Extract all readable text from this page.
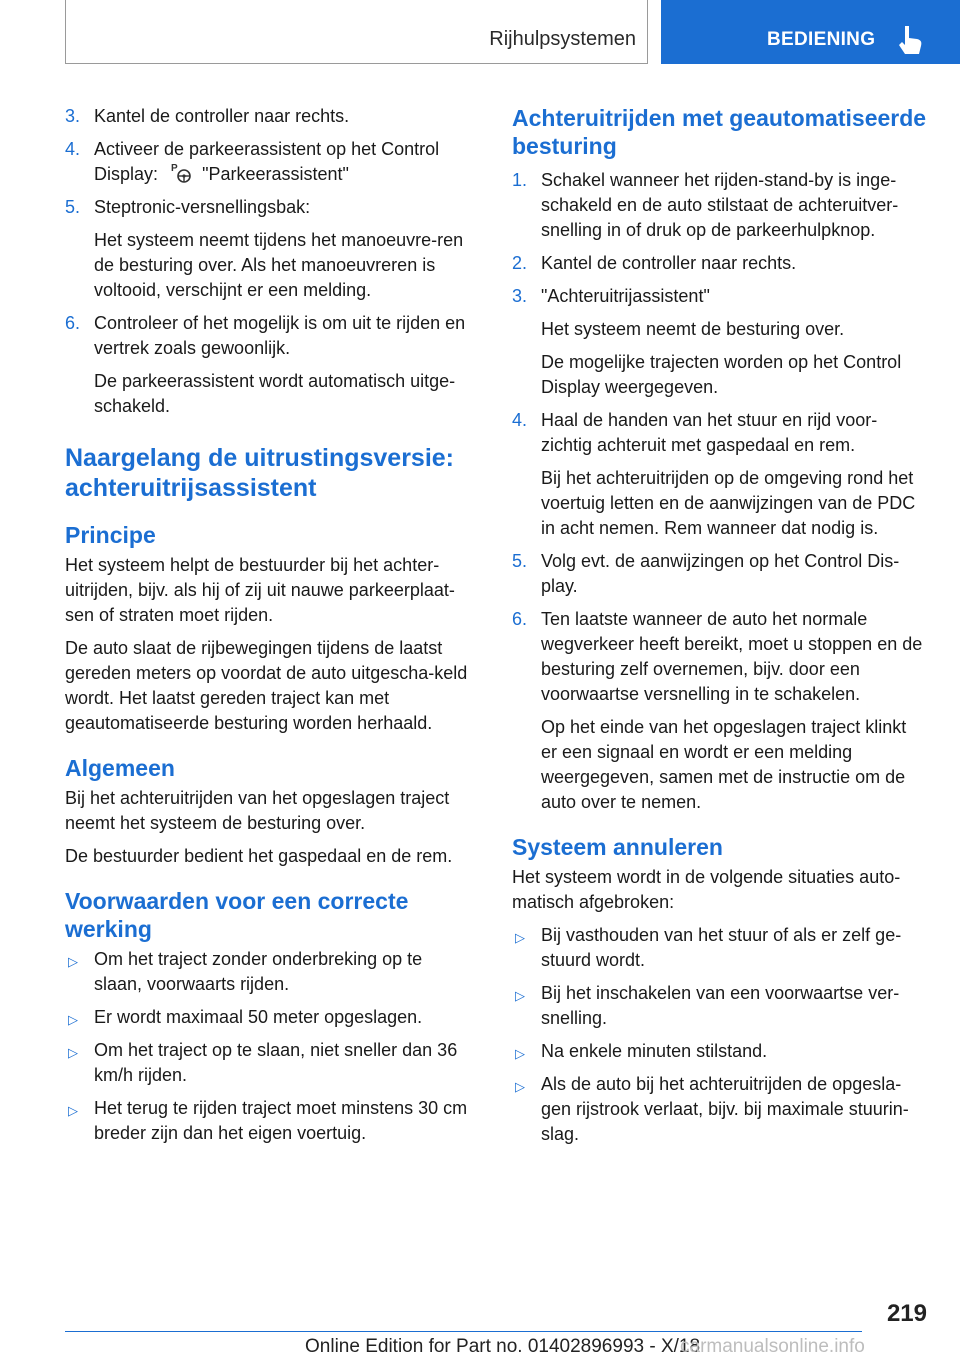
Rijhulpsystemen	BEDIENING
3. Kantel de controller naar rechts.

4. Activeer de parkeerassistent op het Control Display: P "Parkeerassistent"

5. Steptronic-versnellingsbak:

Het systeem neemt tijdens het manoeuvre-ren de besturing over. Als het manoeuvreren is voltooid, verschijnt er een melding.

6. Controleer of het mogelijk is om uit te rijden en vertrek zoals gewoonlijk.

De parkeerassistent wordt automatisch uitge-schakeld.

Naargelang de uitrustingsversie: achteruitrijsassistent
Principe

Het systeem helpt de bestuurder bij het achter-uitrijden, bijv. als hij of zij uit nauwe parkeerplaat-sen of straten moet rijden.

De auto slaat de rijbewegingen tijdens de laatst gereden meters op voordat de auto uitgescha-keld wordt. Het laatst gereden traject kan met geautomatiseerde besturing worden herhaald.

Algemeen

Bij het achteruitrijden van het opgeslagen traject neemt het systeem de besturing over.

De bestuurder bedient het gaspedaal en de rem.

Voorwaarden voor een correcte werking
▷ Om het traject zonder onderbreking op te slaan, voorwaarts rijden.

▷ Er wordt maximaal 50 meter opgeslagen.

▷ Om het traject op te slaan, niet sneller dan 36 km/h rijden.

▷ Het terug te rijden traject moet minstens 30 cm breder zijn dan het eigen voertuig.

Achteruitrijden met geautomatiseerde besturing
1. Schakel wanneer het rijden-stand-by is inge-schakeld en de auto stilstaat de achteruitver-snelling in of druk op de parkeerhulpknop.

2. Kantel de controller naar rechts.

3. "Achteruitrijassistent"

Het systeem neemt de besturing over.

De mogelijke trajecten worden op het Control Display weergegeven.

4. Haal de handen van het stuur en rijd voor-zichtig achteruit met gaspedaal en rem.

Bij het achteruitrijden op de omgeving rond het voertuig letten en de aanwijzingen van de PDC in acht nemen. Rem wanneer dat nodig is.

5. Volg evt. de aanwijzingen op het Control Dis-play.

6. Ten laatste wanneer de auto het normale wegverkeer heeft bereikt, moet u stoppen en de besturing zelf overnemen, bijv. door een voorwaartse versnelling in te schakelen.

Op het einde van het opgeslagen traject klinkt er een signaal en wordt er een melding weergegeven, samen met de instructie om de auto over te nemen.

Systeem annuleren

Het systeem wordt in de volgende situaties auto-matisch afgebroken:

▷ Bij vasthouden van het stuur of als er zelf ge-stuurd wordt.

▷ Bij het inschakelen van een voorwaartse ver-snelling.

▷ Na enkele minuten stilstand.

▷ Als de auto bij het achteruitrijden de opgesla-gen rijstrook verlaat, bijv. bij maximale stuurin-slag.

219
Online Edition for Part no. 01402896993 - X/18
carmanualsonline.info
